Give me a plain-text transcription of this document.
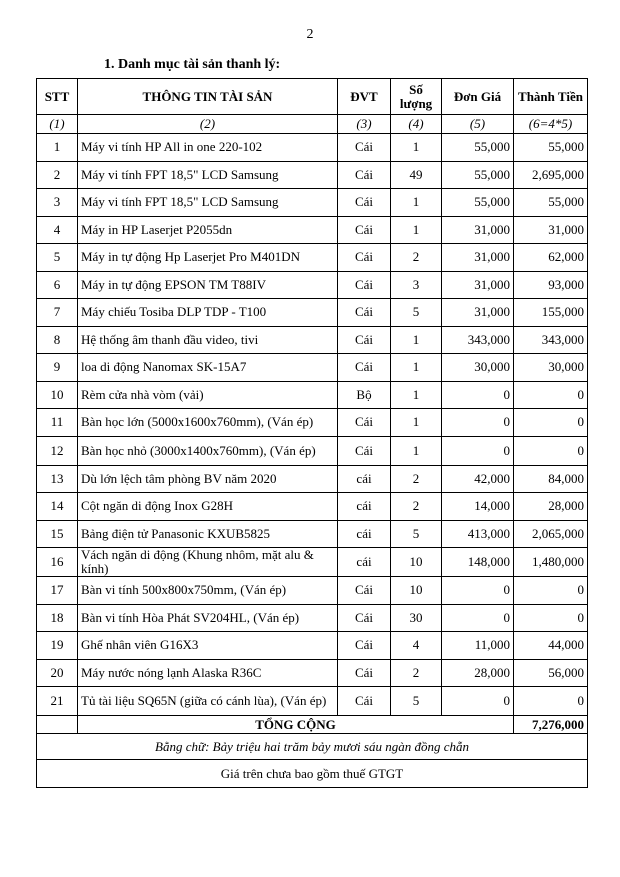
2
1. Danh mục tài sản thanh lý:
STT	THÔNG TIN TÀI SẢN	ĐVT	Số lượng	Đơn Giá	Thành Tiền
(1)	(2)	(3)	(4)	(5)	(6=4*5)
1	Máy vi tính HP All in one 220-102	Cái	1	55,000	55,000
2	Máy vi tính FPT 18,5" LCD Samsung	Cái	49	55,000	2,695,000
3	Máy vi tính FPT 18,5" LCD Samsung	Cái	1	55,000	55,000
4	Máy in HP Laserjet P2055dn	Cái	1	31,000	31,000
5	Máy in tự động Hp Laserjet Pro M401DN	Cái	2	31,000	62,000
6	Máy in tự động EPSON TM T88IV	Cái	3	31,000	93,000
7	Máy chiếu Tosiba DLP TDP - T100	Cái	5	31,000	155,000
8	Hệ thống âm thanh đầu video, tivi	Cái	1	343,000	343,000
9	loa di động Nanomax SK-15A7	Cái	1	30,000	30,000
10	Rèm cửa nhà vòm (vải)	Bộ	1	0	0
11	Bàn học lớn (5000x1600x760mm), (Ván ép)	Cái	1	0	0
12	Bàn học nhỏ (3000x1400x760mm), (Ván ép)	Cái	1	0	0
13	Dù lớn lệch tâm phòng BV năm 2020	cái	2	42,000	84,000
14	Cột ngăn di động Inox G28H	cái	2	14,000	28,000
15	Bảng điện tử Panasonic KXUB5825	cái	5	413,000	2,065,000
16	Vách ngăn di động (Khung nhôm, mặt alu & kính)	cái	10	148,000	1,480,000
17	Bàn vi tính 500x800x750mm, (Ván ép)	Cái	10	0	0
18	Bàn vi tính Hòa Phát SV204HL, (Ván ép)	Cái	30	0	0
19	Ghế nhân viên G16X3	Cái	4	11,000	44,000
20	Máy nước nóng lạnh Alaska R36C	Cái	2	28,000	56,000
21	Tủ tài liệu SQ65N (giữa có cánh lùa), (Ván ép)	Cái	5	0	0
	TỔNG CỘNG				7,276,000
Bằng chữ: Bảy triệu hai trăm bảy mươi sáu ngàn đồng chẵn					
Giá trên chưa bao gồm thuế GTGT					
